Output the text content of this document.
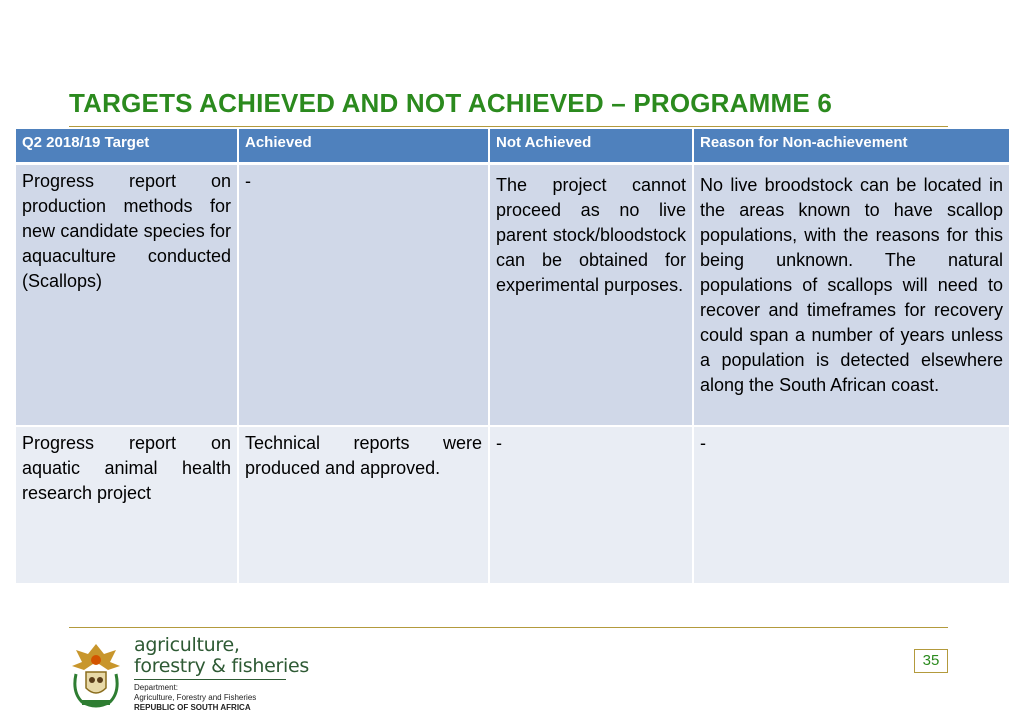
TARGETS ACHIEVED AND NOT ACHIEVED – PROGRAMME 6
Q2 2018/19 Target	Achieved	Not Achieved	Reason for Non-achievement
Progress report on production methods for new candidate species for aquaculture conducted (Scallops)	-	The project cannot proceed as no live parent stock/bloodstock can be obtained for experimental purposes.	No live broodstock can be located in the areas known to have scallop populations, with the reasons for this being unknown. The natural populations of scallops will need to recover and timeframes for recovery could span a number of years unless a population is detected elsewhere along the South African coast.
Progress report on aquatic animal health research project	Technical reports were produced and approved.	-	-
agriculture,
forestry & fisheries
Department:
Agriculture, Forestry and Fisheries
REPUBLIC OF SOUTH AFRICA
35
